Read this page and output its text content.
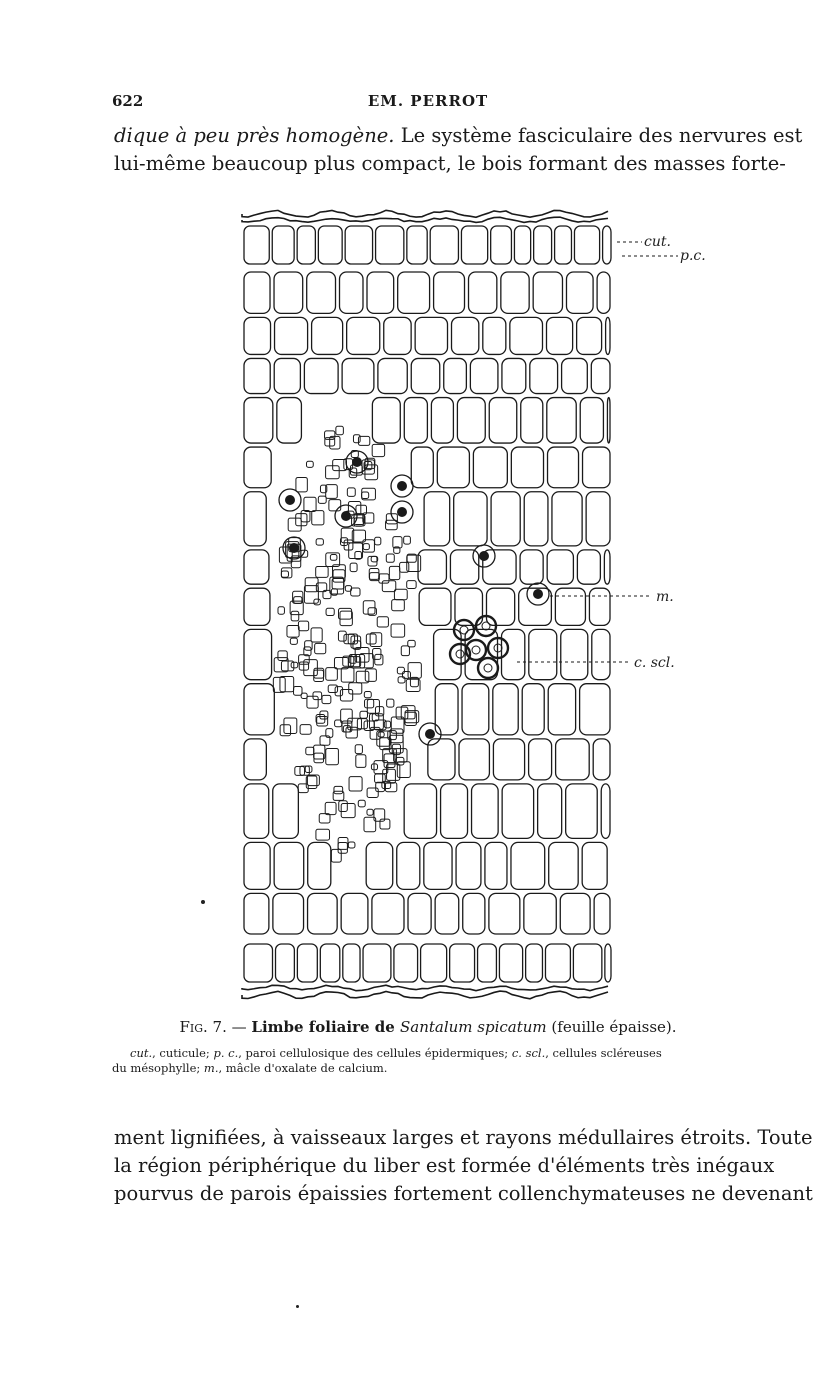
622	EM. PERROT

dique à peu près homogène. Le système fasciculaire des nervures est
lui-même beaucoup plus compact, le bois formant des masses forte-

cut.
p.c.
m.
c. scl.
Fig. 7. — Limbe foliaire de Santalum spicatum (feuille épaisse).
cut., cuticule; p. c., paroi cellulosique des cellules épidermiques; c. scl., cellules scléreuses
du mésophylle; m., mâcle d'oxalate de calcium.

ment lignifiées, à vaisseaux larges et rayons médullaires étroits. Toute
la région périphérique du liber est formée d'éléments très inégaux
pourvus de parois épaissies fortement collenchymateuses ne devenant
